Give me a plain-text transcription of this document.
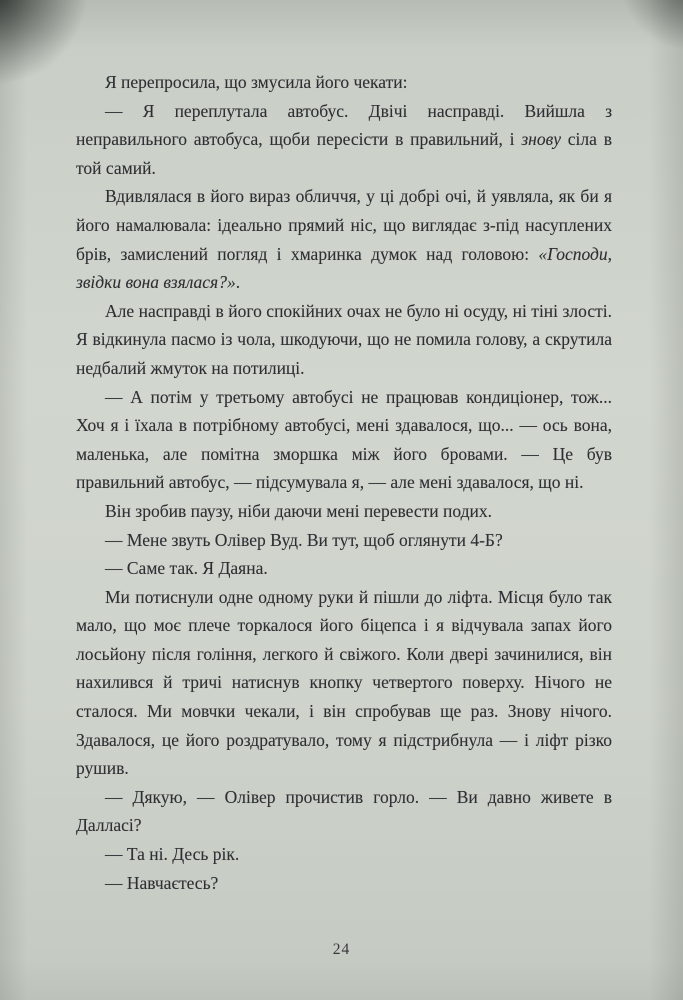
Я перепросила, що змусила його чекати:

— Я переплутала автобус. Двічі насправді. Вийшла з неправильного автобуса, щоби пересісти в правильний, і знову сіла в той самий.

Вдивлялася в його вираз обличчя, у ці добрі очі, й уявляла, як би я його намалювала: ідеально прямий ніс, що виглядає з-під насуплених брів, замислений погляд і хмаринка думок над головою: «Господи, звідки вона взялася?».

Але насправді в його спокійних очах не було ні осуду, ні тіні злості. Я відкинула пасмо із чола, шкодуючи, що не помила голову, а скрутила недбалий жмуток на потилиці.

— А потім у третьому автобусі не працював кондиціонер, тож... Хоч я і їхала в потрібному автобусі, мені здавалося, що... — ось вона, маленька, але помітна зморшка між його бровами. — Це був правильний автобус, — підсумувала я, — але мені здавалося, що ні.

Він зробив паузу, ніби даючи мені перевести подих.

— Мене звуть Олівер Вуд. Ви тут, щоб оглянути 4-Б?

— Саме так. Я Даяна.

Ми потиснули одне одному руки й пішли до ліфта. Місця було так мало, що моє плече торкалося його біцепса і я відчувала запах його лосьйону після гоління, легкого й свіжого. Коли двері зачинилися, він нахилився й тричі натиснув кнопку четвертого поверху. Нічого не сталося. Ми мовчки чекали, і він спробував ще раз. Знову нічого. Здавалося, це його роздратувало, тому я підстрибнула — і ліфт різко рушив.

— Дякую, — Олівер прочистив горло. — Ви давно живете в Далласі?

— Та ні. Десь рік.

— Навчаєтесь?

24
